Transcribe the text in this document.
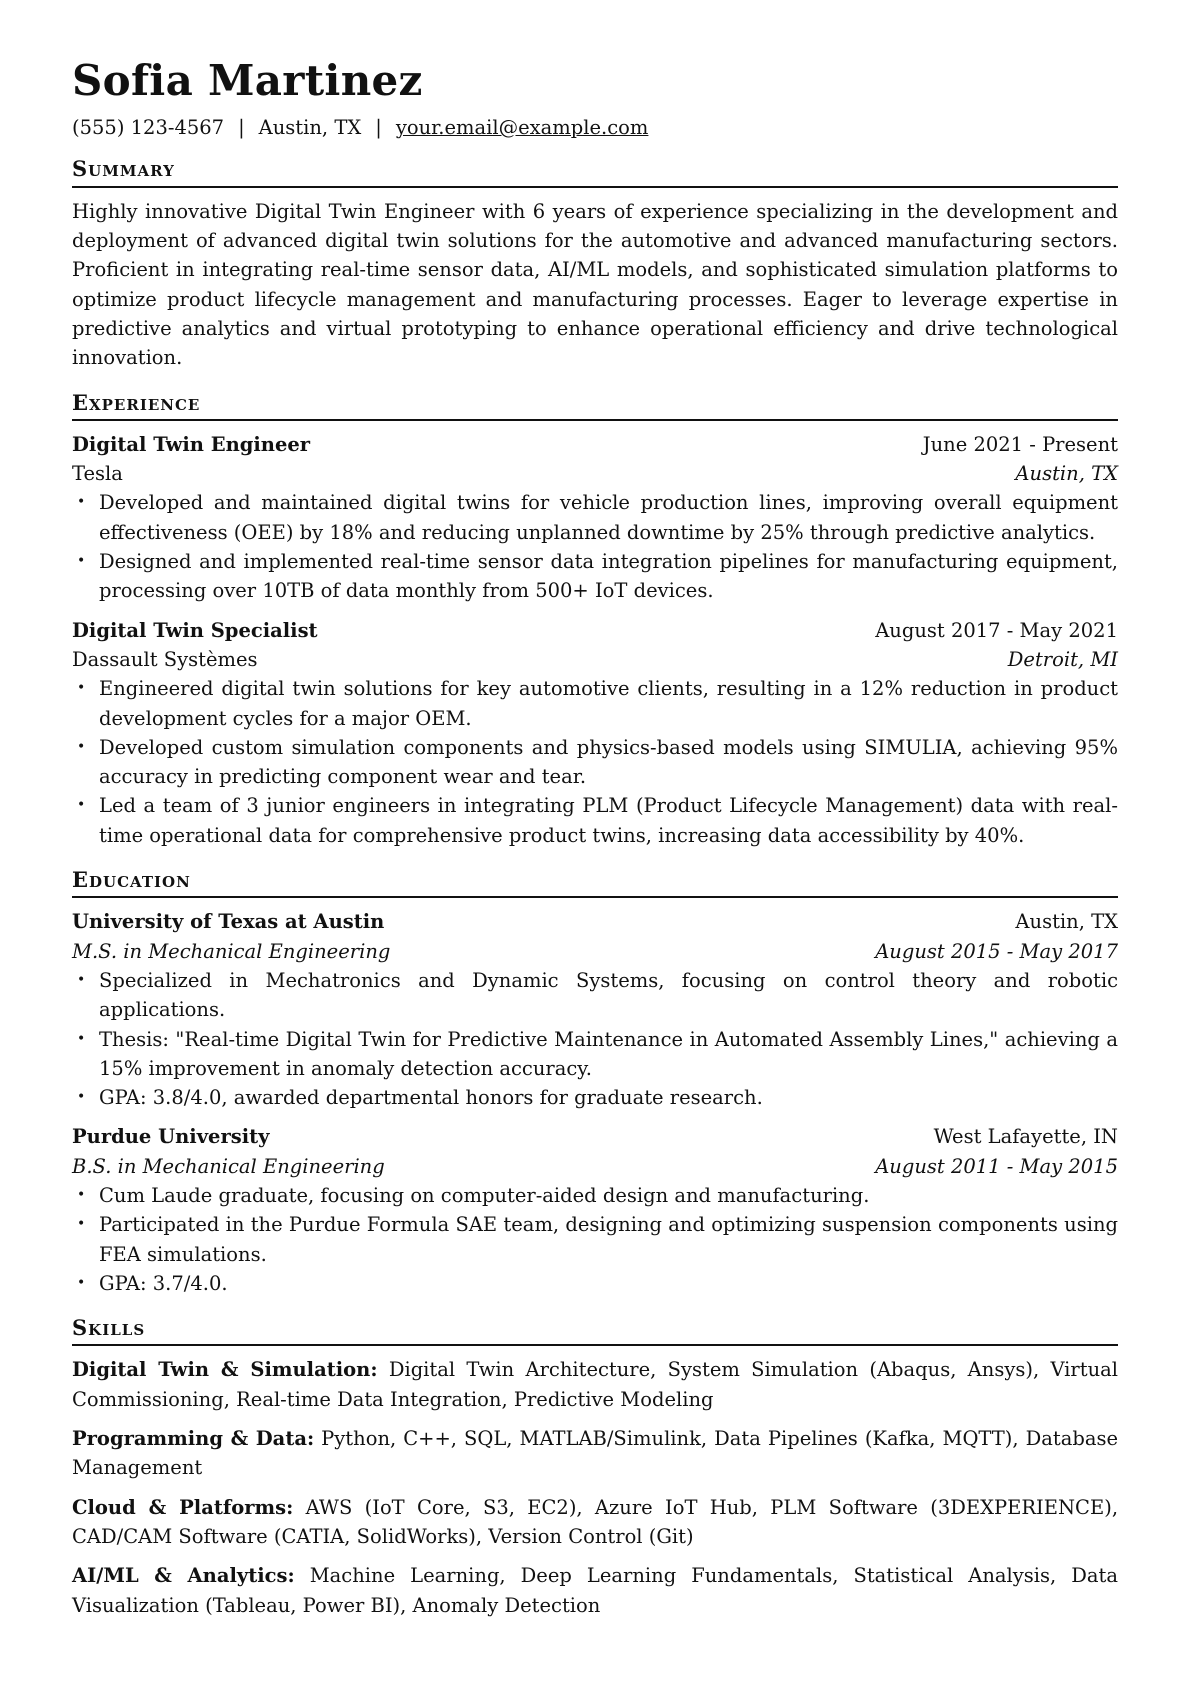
Sofia Martinez
(555) 123-4567 | Austin, TX | your.email@example.com
Summary
Highly innovative Digital Twin Engineer with 6 years of experience specializing in the development and deployment of advanced digital twin solutions for the automotive and advanced manufacturing sectors. Proficient in integrating real-time sensor data, AI/ML models, and sophisticated simulation platforms to optimize product lifecycle management and manufacturing processes. Eager to leverage expertise in predictive analytics and virtual prototyping to enhance operational efficiency and drive technological innovation.
Experience
Digital Twin Engineer	June 2021 - Present
Tesla	Austin, TX
• Developed and maintained digital twins for vehicle production lines, improving overall equipment effectiveness (OEE) by 18% and reducing unplanned downtime by 25% through predictive analytics.
• Designed and implemented real-time sensor data integration pipelines for manufacturing equipment, processing over 10TB of data monthly from 500+ IoT devices.
Digital Twin Specialist	August 2017 - May 2021
Dassault Systèmes	Detroit, MI
• Engineered digital twin solutions for key automotive clients, resulting in a 12% reduction in product development cycles for a major OEM.
• Developed custom simulation components and physics-based models using SIMULIA, achieving 95% accuracy in predicting component wear and tear.
• Led a team of 3 junior engineers in integrating PLM (Product Lifecycle Management) data with real-time operational data for comprehensive product twins, increasing data accessibility by 40%.
Education
University of Texas at Austin	Austin, TX
M.S. in Mechanical Engineering	August 2015 - May 2017
• Specialized in Mechatronics and Dynamic Systems, focusing on control theory and robotic applications.
• Thesis: "Real-time Digital Twin for Predictive Maintenance in Automated Assembly Lines," achieving a 15% improvement in anomaly detection accuracy.
• GPA: 3.8/4.0, awarded departmental honors for graduate research.
Purdue University	West Lafayette, IN
B.S. in Mechanical Engineering	August 2011 - May 2015
• Cum Laude graduate, focusing on computer-aided design and manufacturing.
• Participated in the Purdue Formula SAE team, designing and optimizing suspension components using FEA simulations.
• GPA: 3.7/4.0.
Skills
Digital Twin & Simulation: Digital Twin Architecture, System Simulation (Abaqus, Ansys), Virtual Commissioning, Real-time Data Integration, Predictive Modeling
Programming & Data: Python, C++, SQL, MATLAB/Simulink, Data Pipelines (Kafka, MQTT), Database Management
Cloud & Platforms: AWS (IoT Core, S3, EC2), Azure IoT Hub, PLM Software (3DEXPERIENCE), CAD/CAM Software (CATIA, SolidWorks), Version Control (Git)
AI/ML & Analytics: Machine Learning, Deep Learning Fundamentals, Statistical Analysis, Data Visualization (Tableau, Power BI), Anomaly Detection
